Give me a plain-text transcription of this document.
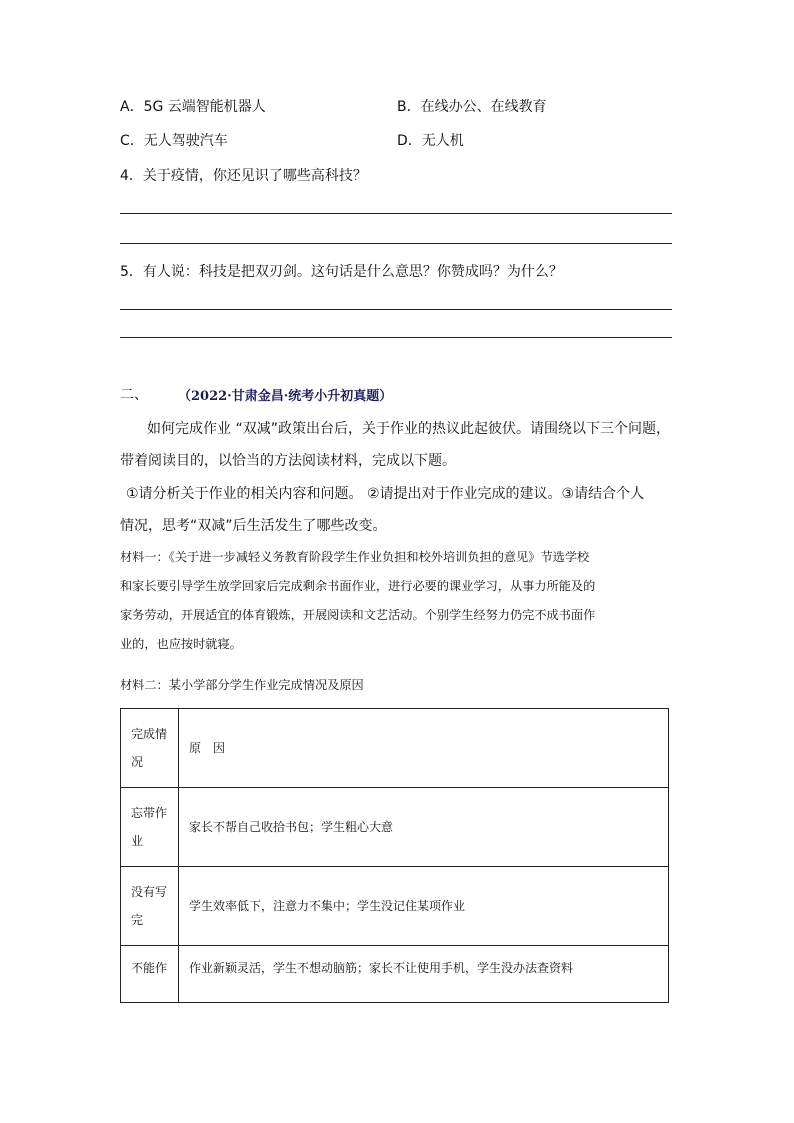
A．5G 云端智能机器人	B．在线办公、在线教育
C．无人驾驶汽车	D．无人机
4．关于疫情，你还见识了哪些高科技？
5．有人说：科技是把双刃剑。这句话是什么意思？你赞成吗？为什么？
二、 （2022·甘肃金昌·统考小升初真题）
如何完成作业 “双减”政策出台后，关于作业的热议此起彼伏。请围绕以下三个问题，
带着阅读目的，以恰当的方法阅读材料，完成以下题。
①请分析关于作业的相关内容和问题。 ②请提出对于作业完成的建议。③请结合个人
情况，思考“双减”后生活发生了哪些改变。
材料一：《关于进一步减轻义务教育阶段学生作业负担和校外培训负担的意见》节选学校
和家长要引导学生放学回家后完成剩余书面作业，进行必要的课业学习，从事力所能及的
家务劳动，开展适宜的体育锻炼，开展阅读和文艺活动。个别学生经努力仍完不成书面作
业的，也应按时就寝。
材料二：某小学部分学生作业完成情况及原因
完成情况	原　因
忘带作业	家长不帮自己收拾书包；学生粗心大意
没有写完	学生效率低下，注意力不集中；学生没记住某项作业
不能作	作业新颖灵活，学生不想动脑筋；家长不让使用手机，学生没办法查资料
